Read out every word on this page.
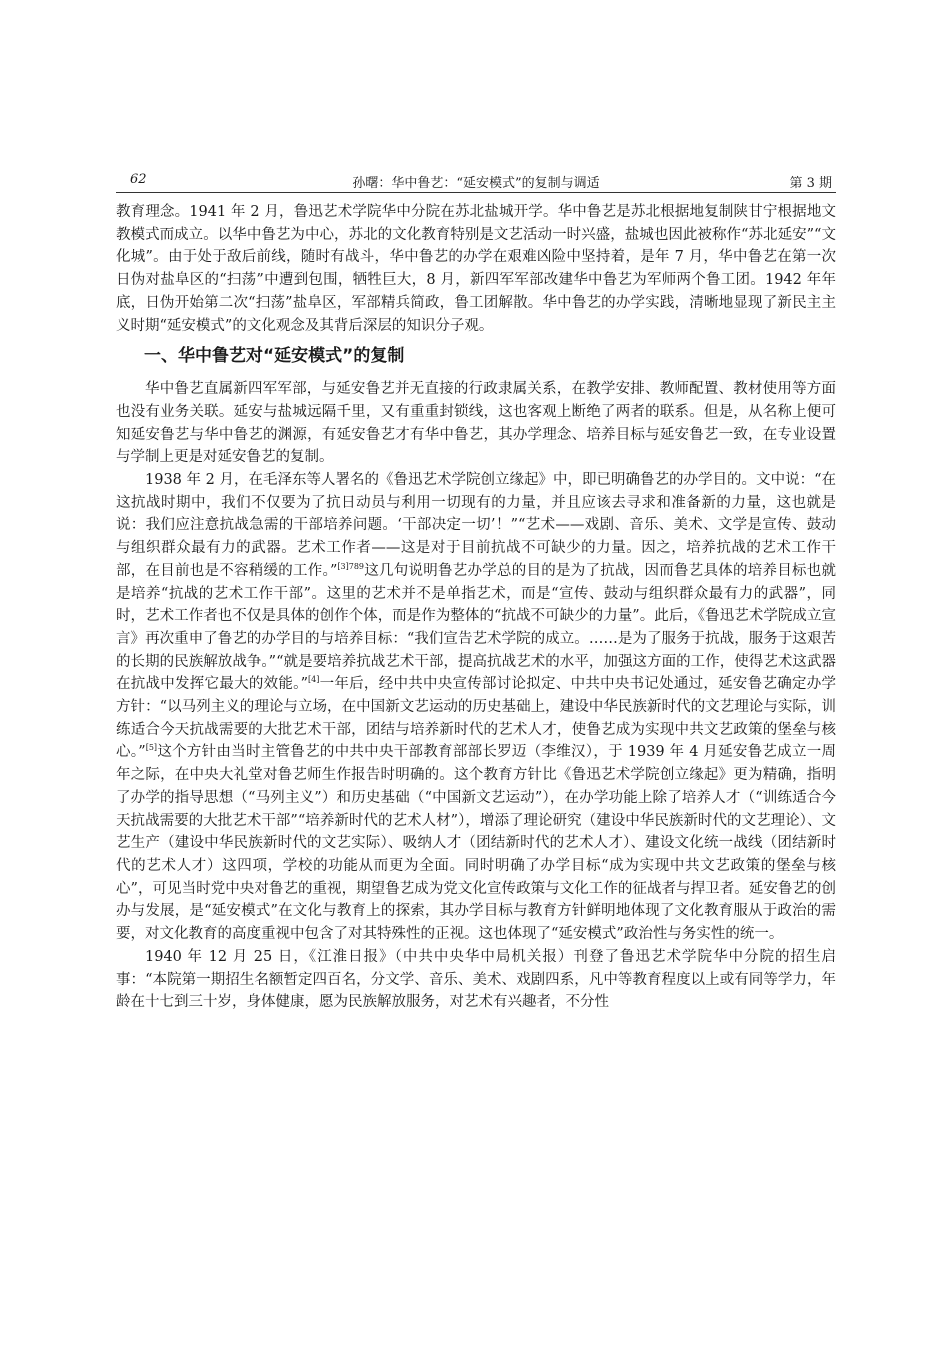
62	孙曙：华中鲁艺：“延安模式”的复制与调适	第 3 期

教育理念。1941 年 2 月，鲁迅艺术学院华中分院在苏北盐城开学。华中鲁艺是苏北根据地复制陕甘宁根据地文教模式而成立。以华中鲁艺为中心，苏北的文化教育特别是文艺活动一时兴盛，盐城也因此被称作“苏北延安”“文化城”。由于处于敌后前线，随时有战斗，华中鲁艺的办学在艰难凶险中坚持着，是年 7 月，华中鲁艺在第一次日伪对盐阜区的“扫荡”中遭到包围，牺牲巨大，8 月，新四军军部改建华中鲁艺为军师两个鲁工团。1942 年年底，日伪开始第二次“扫荡”盐阜区，军部精兵简政，鲁工团解散。华中鲁艺的办学实践，清晰地显现了新民主主义时期“延安模式”的文化观念及其背后深层的知识分子观。

一、华中鲁艺对“延安模式”的复制

华中鲁艺直属新四军军部，与延安鲁艺并无直接的行政隶属关系，在教学安排、教师配置、教材使用等方面也没有业务关联。延安与盐城远隔千里，又有重重封锁线，这也客观上断绝了两者的联系。但是，从名称上便可知延安鲁艺与华中鲁艺的渊源，有延安鲁艺才有华中鲁艺，其办学理念、培养目标与延安鲁艺一致，在专业设置与学制上更是对延安鲁艺的复制。

1938 年 2 月，在毛泽东等人署名的《鲁迅艺术学院创立缘起》中，即已明确鲁艺的办学目的。文中说：“在这抗战时期中，我们不仅要为了抗日动员与利用一切现有的力量，并且应该去寻求和准备新的力量，这也就是说：我们应注意抗战急需的干部培养问题。‘干部决定一切’！”“艺术——戏剧、音乐、美术、文学是宣传、鼓动与组织群众最有力的武器。艺术工作者——这是对于目前抗战不可缺少的力量。因之，培养抗战的艺术工作干部，在目前也是不容稍缓的工作。”$^{[3]789}$这几句说明鲁艺办学总的目的是为了抗战，因而鲁艺具体的培养目标也就是培养“抗战的艺术工作干部”。这里的艺术并不是单指艺术，而是“宣传、鼓动与组织群众最有力的武器”，同时，艺术工作者也不仅是具体的创作个体，而是作为整体的“抗战不可缺少的力量”。此后，《鲁迅艺术学院成立宣言》再次重申了鲁艺的办学目的与培养目标：“我们宣告艺术学院的成立。……是为了服务于抗战，服务于这艰苦的长期的民族解放战争。”“就是要培养抗战艺术干部，提高抗战艺术的水平，加强这方面的工作，使得艺术这武器在抗战中发挥它最大的效能。”[4]一年后，经中共中央宣传部讨论拟定、中共中央书记处通过，延安鲁艺确定办学方针：“以马列主义的理论与立场，在中国新文艺运动的历史基础上，建设中华民族新时代的文艺理论与实际，训练适合今天抗战需要的大批艺术干部，团结与培养新时代的艺术人才，使鲁艺成为实现中共文艺政策的堡垒与核心。”[5]这个方针由当时主管鲁艺的中共中央干部教育部部长罗迈（李维汉），于 1939 年 4 月延安鲁艺成立一周年之际，在中央大礼堂对鲁艺师生作报告时明确的。这个教育方针比《鲁迅艺术学院创立缘起》更为精确，指明了办学的指导思想（“马列主义”）和历史基础（“中国新文艺运动”），在办学功能上除了培养人才（“训练适合今天抗战需要的大批艺术干部”“培养新时代的艺术人材”），增添了理论研究（建设中华民族新时代的文艺理论）、文艺生产（建设中华民族新时代的文艺实际）、吸纳人才（团结新时代的艺术人才）、建设文化统一战线（团结新时代的艺术人才）这四项，学校的功能从而更为全面。同时明确了办学目标“成为实现中共文艺政策的堡垒与核心”，可见当时党中央对鲁艺的重视，期望鲁艺成为党文化宣传政策与文化工作的征战者与捍卫者。延安鲁艺的创办与发展，是“延安模式”在文化与教育上的探索，其办学目标与教育方针鲜明地体现了文化教育服从于政治的需要，对文化教育的高度重视中包含了对其特殊性的正视。这也体现了“延安模式”政治性与务实性的统一。

1940 年 12 月 25 日，《江淮日报》（中共中央华中局机关报）刊登了鲁迅艺术学院华中分院的招生启事：“本院第一期招生名额暂定四百名，分文学、音乐、美术、戏剧四系，凡中等教育程度以上或有同等学力，年龄在十七到三十岁，身体健康，愿为民族解放服务，对艺术有兴趣者，不分性
